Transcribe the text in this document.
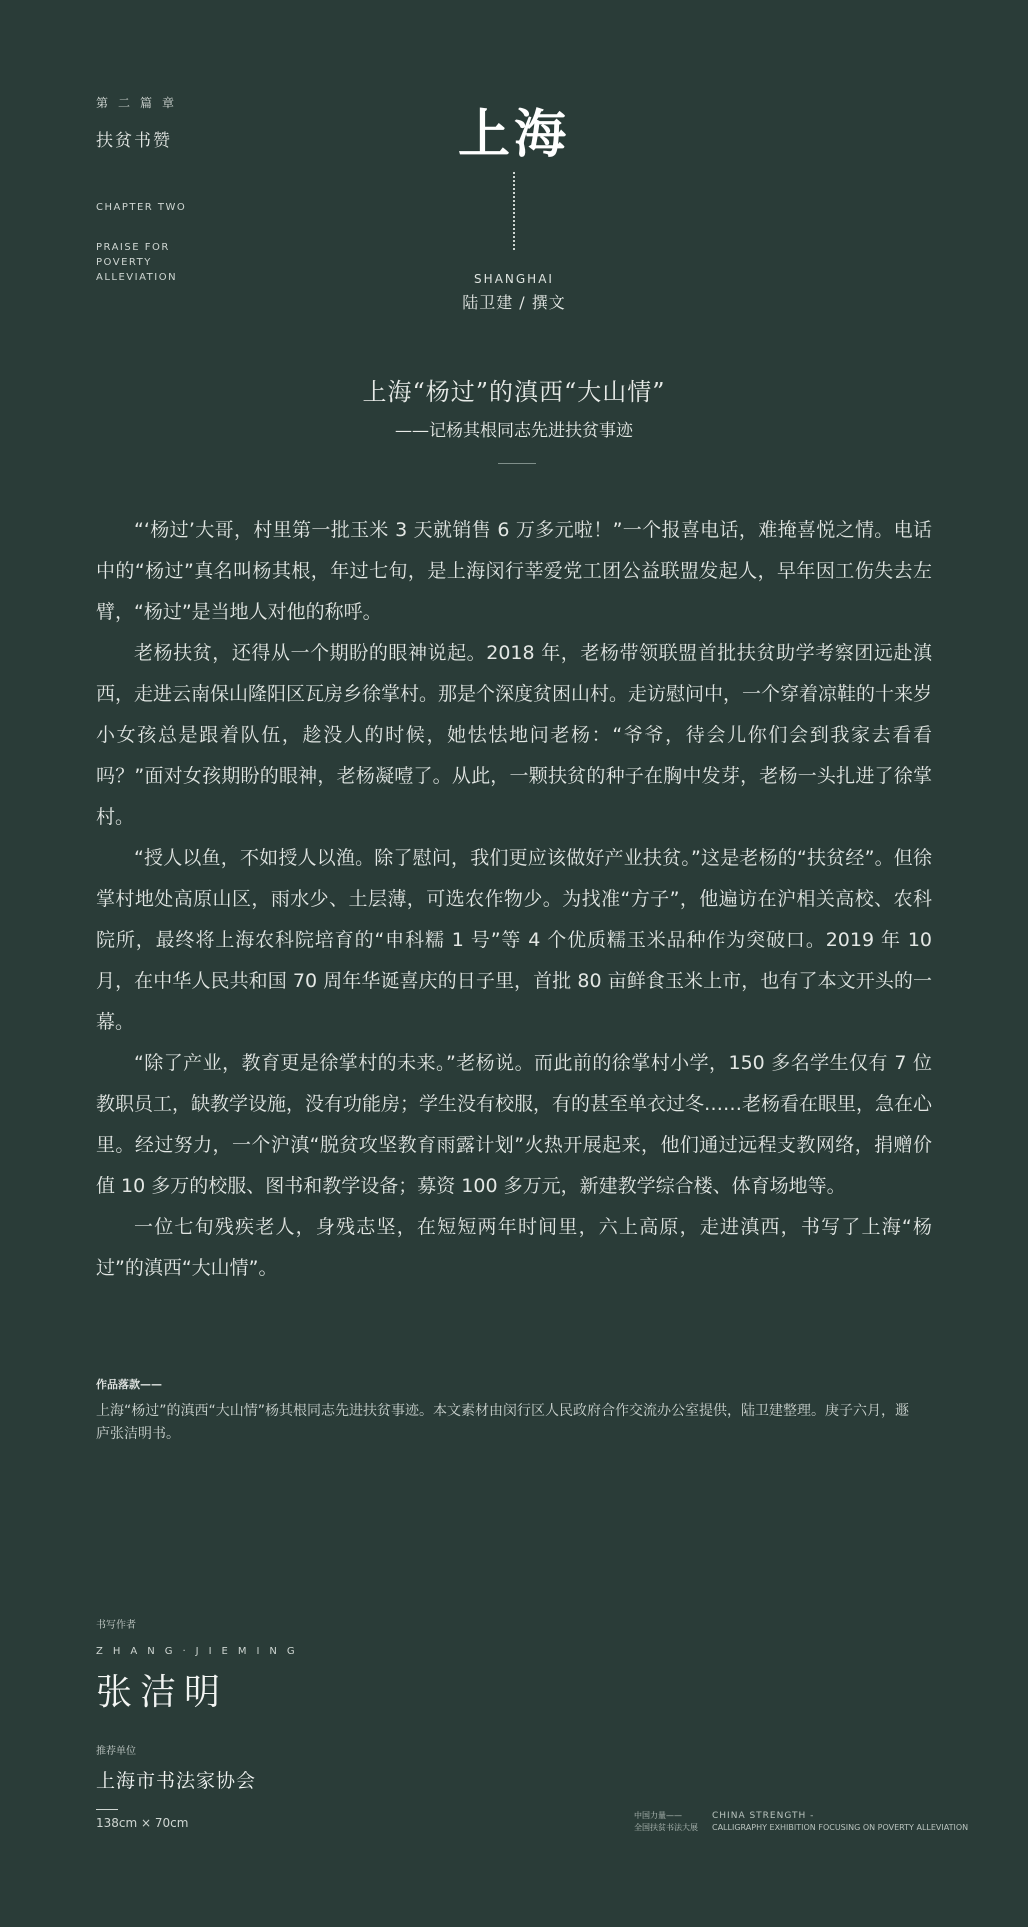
第二篇章
扶贫书赞
CHAPTER TWO
PRAISE FOR POVERTY ALLEVIATION
上海
SHANGHAI
陆卫建 / 撰文
上海“杨过”的滇西“大山情”
——记杨其根同志先进扶贫事迹

“‘杨过’大哥，村里第一批玉米 3 天就销售 6 万多元啦！”一个报喜电话，难掩喜悦之情。电话中的“杨过”真名叫杨其根，年过七旬，是上海闵行莘爱党工团公益联盟发起人，早年因工伤失去左臂，“杨过”是当地人对他的称呼。

老杨扶贫，还得从一个期盼的眼神说起。2018 年，老杨带领联盟首批扶贫助学考察团远赴滇西，走进云南保山隆阳区瓦房乡徐掌村。那是个深度贫困山村。走访慰问中，一个穿着凉鞋的十来岁小女孩总是跟着队伍，趁没人的时候，她怯怯地问老杨：“爷爷，待会儿你们会到我家去看看吗？”面对女孩期盼的眼神，老杨凝噎了。从此，一颗扶贫的种子在胸中发芽，老杨一头扎进了徐掌村。

“授人以鱼，不如授人以渔。除了慰问，我们更应该做好产业扶贫。”这是老杨的“扶贫经”。但徐掌村地处高原山区，雨水少、土层薄，可选农作物少。为找准“方子”，他遍访在沪相关高校、农科院所，最终将上海农科院培育的“申科糯 1 号”等 4 个优质糯玉米品种作为突破口。2019 年 10 月，在中华人民共和国 70 周年华诞喜庆的日子里，首批 80 亩鲜食玉米上市，也有了本文开头的一幕。

“除了产业，教育更是徐掌村的未来。”老杨说。而此前的徐掌村小学，150 多名学生仅有 7 位教职员工，缺教学设施，没有功能房；学生没有校服，有的甚至单衣过冬……老杨看在眼里，急在心里。经过努力，一个沪滇“脱贫攻坚教育雨露计划”火热开展起来，他们通过远程支教网络，捐赠价值 10 多万的校服、图书和教学设备；募资 100 多万元，新建教学综合楼、体育场地等。

一位七旬残疾老人，身残志坚，在短短两年时间里，六上高原，走进滇西，书写了上海“杨过”的滇西“大山情”。

作品落款——
上海“杨过”的滇西“大山情”杨其根同志先进扶贫事迹。本文素材由闵行区人民政府合作交流办公室提供，陆卫建整理。庚子六月，遯庐张洁明书。
书写作者
ZHANG·JIEMING
张洁明
推荐单位
上海市书法家协会
138cm × 70cm
中国力量——
全国扶贫书法大展
CHINA STRENGTH -
CALLIGRAPHY EXHIBITION FOCUSING ON POVERTY ALLEVIATION
